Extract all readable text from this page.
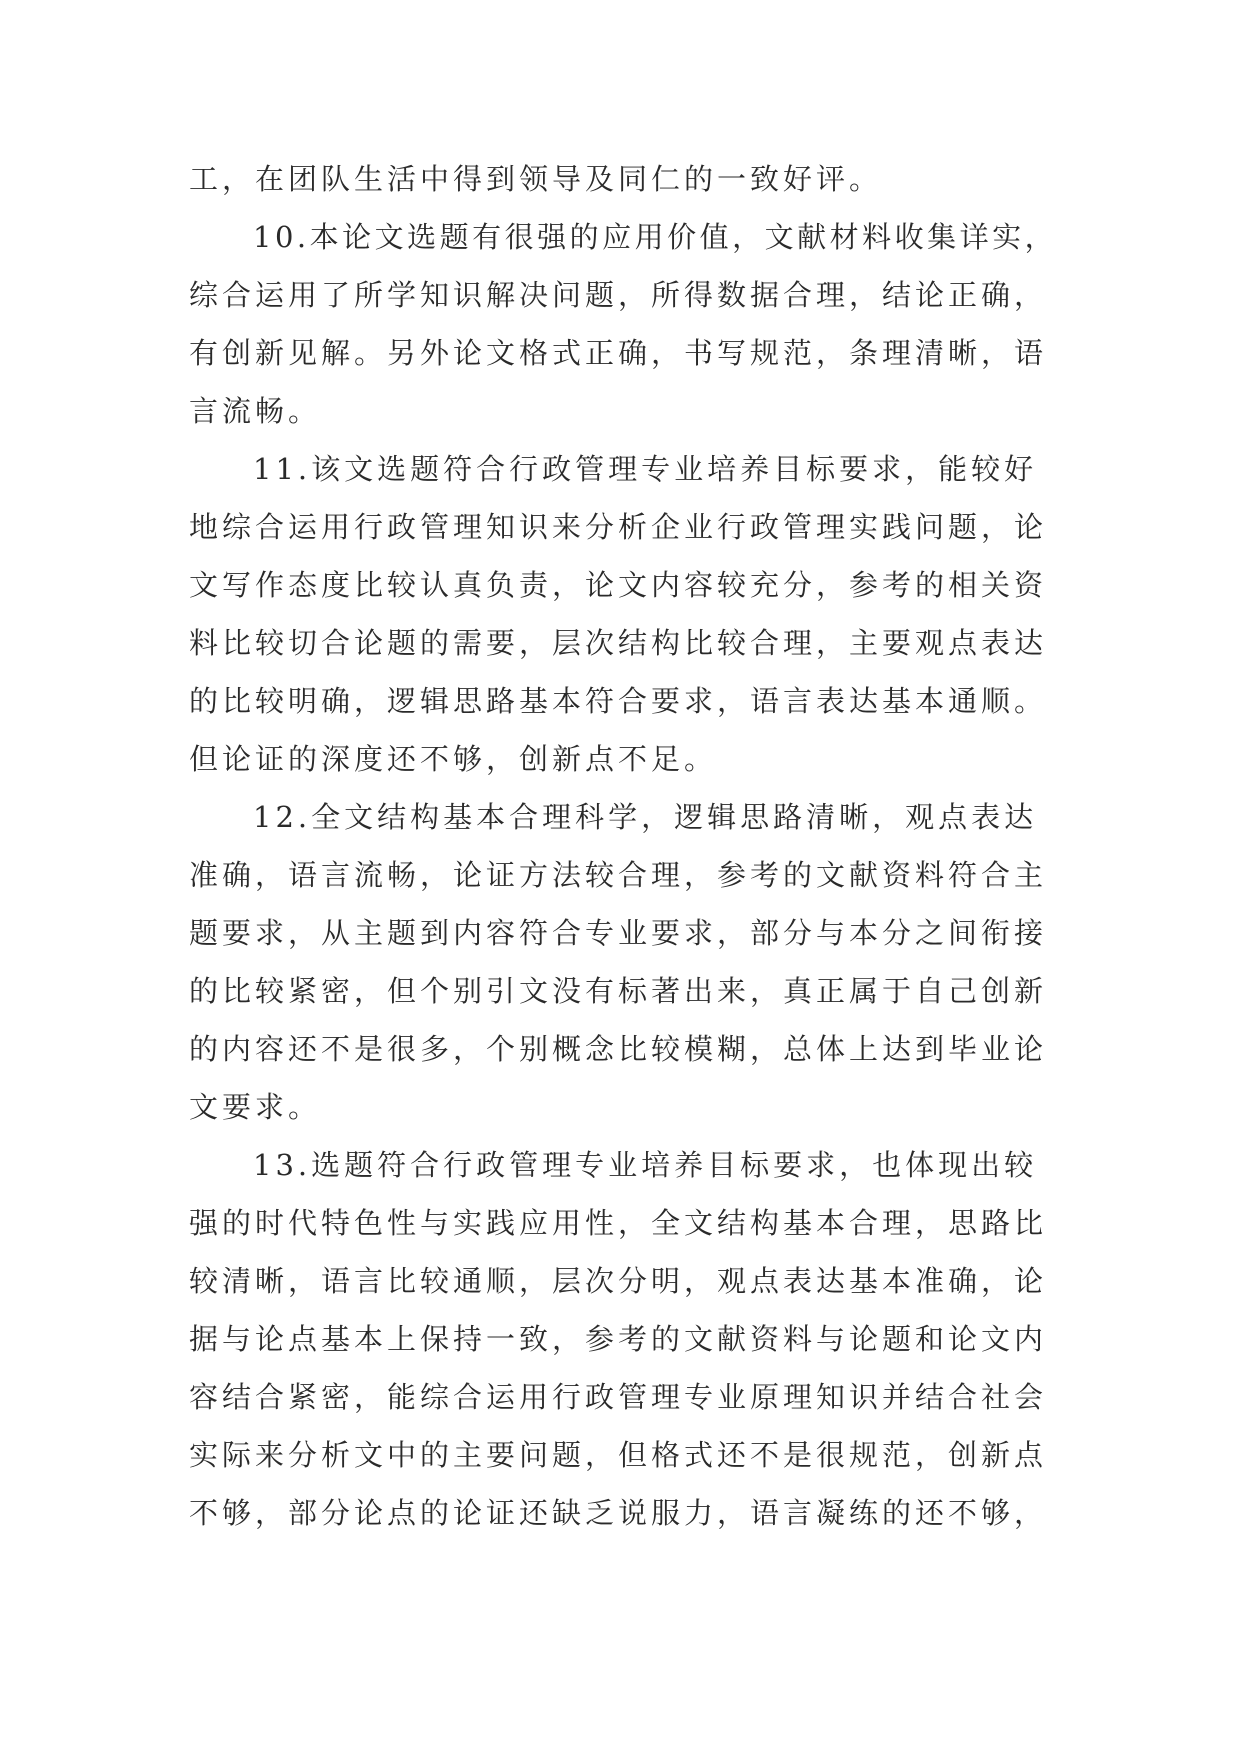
工，在团队生活中得到领导及同仁的一致好评。
10.本论文选题有很强的应用价值，文献材料收集详实，
综合运用了所学知识解决问题，所得数据合理，结论正确，
有创新见解。另外论文格式正确，书写规范，条理清晰，语
言流畅。
11.该文选题符合行政管理专业培养目标要求，能较好
地综合运用行政管理知识来分析企业行政管理实践问题，论
文写作态度比较认真负责，论文内容较充分，参考的相关资
料比较切合论题的需要，层次结构比较合理，主要观点表达
的比较明确，逻辑思路基本符合要求，语言表达基本通顺。
但论证的深度还不够，创新点不足。
12.全文结构基本合理科学，逻辑思路清晰，观点表达
准确，语言流畅，论证方法较合理，参考的文献资料符合主
题要求，从主题到内容符合专业要求，部分与本分之间衔接
的比较紧密，但个别引文没有标著出来，真正属于自己创新
的内容还不是很多，个别概念比较模糊，总体上达到毕业论
文要求。
13.选题符合行政管理专业培养目标要求，也体现出较
强的时代特色性与实践应用性，全文结构基本合理，思路比
较清晰，语言比较通顺，层次分明，观点表达基本准确，论
据与论点基本上保持一致，参考的文献资料与论题和论文内
容结合紧密，能综合运用行政管理专业原理知识并结合社会
实际来分析文中的主要问题，但格式还不是很规范，创新点
不够，部分论点的论证还缺乏说服力，语言凝练的还不够，
